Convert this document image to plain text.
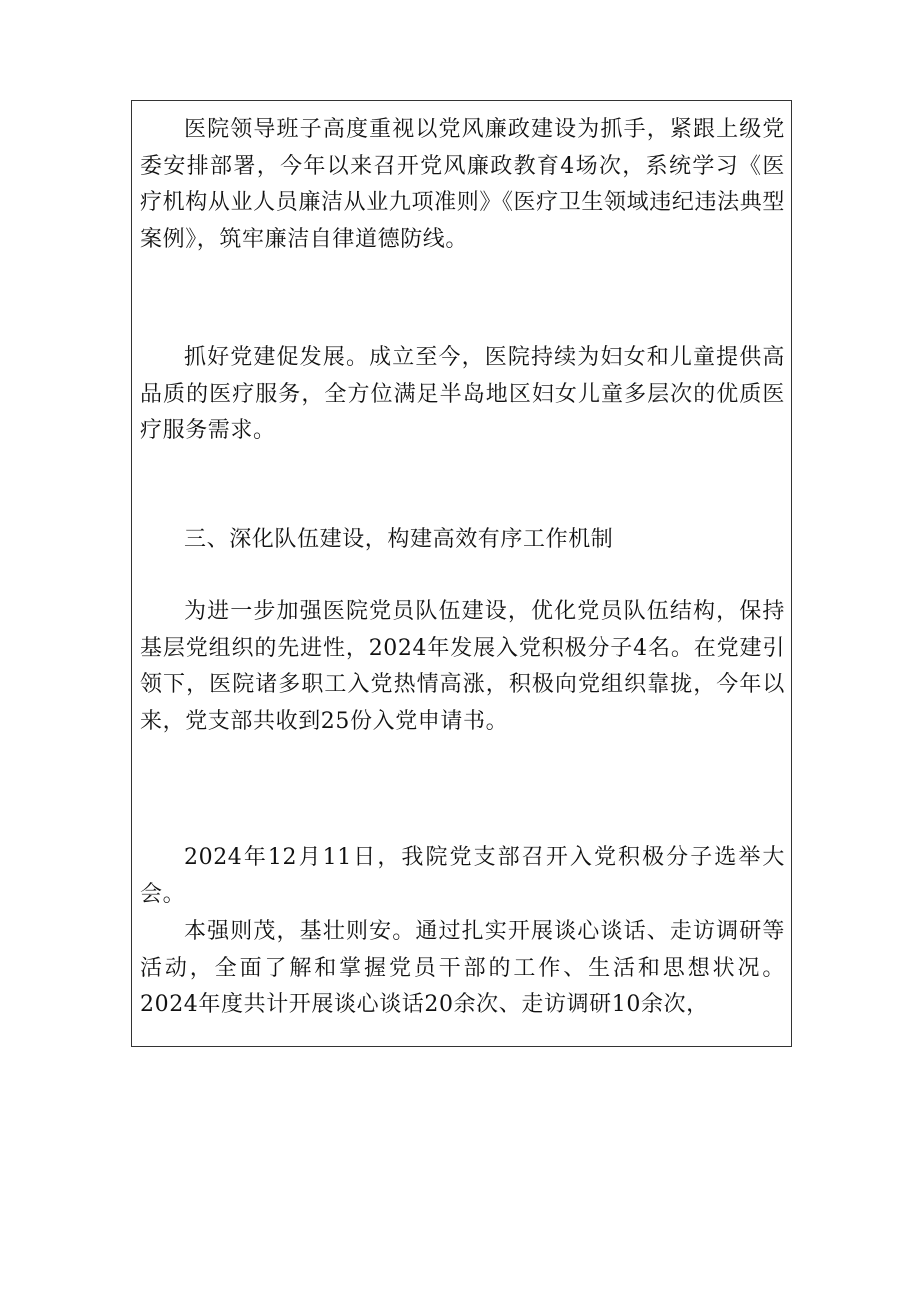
医院领导班子高度重视以党风廉政建设为抓手，紧跟上级党委安排部署，今年以来召开党风廉政教育4场次，系统学习《医疗机构从业人员廉洁从业九项准则》《医疗卫生领域违纪违法典型案例》，筑牢廉洁自律道德防线。

抓好党建促发展。成立至今，医院持续为妇女和儿童提供高品质的医疗服务，全方位满足半岛地区妇女儿童多层次的优质医疗服务需求。

三、深化队伍建设，构建高效有序工作机制

为进一步加强医院党员队伍建设，优化党员队伍结构，保持基层党组织的先进性，2024年发展入党积极分子4名。在党建引领下，医院诸多职工入党热情高涨，积极向党组织靠拢，今年以来，党支部共收到25份入党申请书。

2024年12月11日，我院党支部召开入党积极分子选举大会。

本强则茂，基壮则安。通过扎实开展谈心谈话、走访调研等活动，全面了解和掌握党员干部的工作、生活和思想状况。2024年度共计开展谈心谈话20余次、走访调研10余次，
